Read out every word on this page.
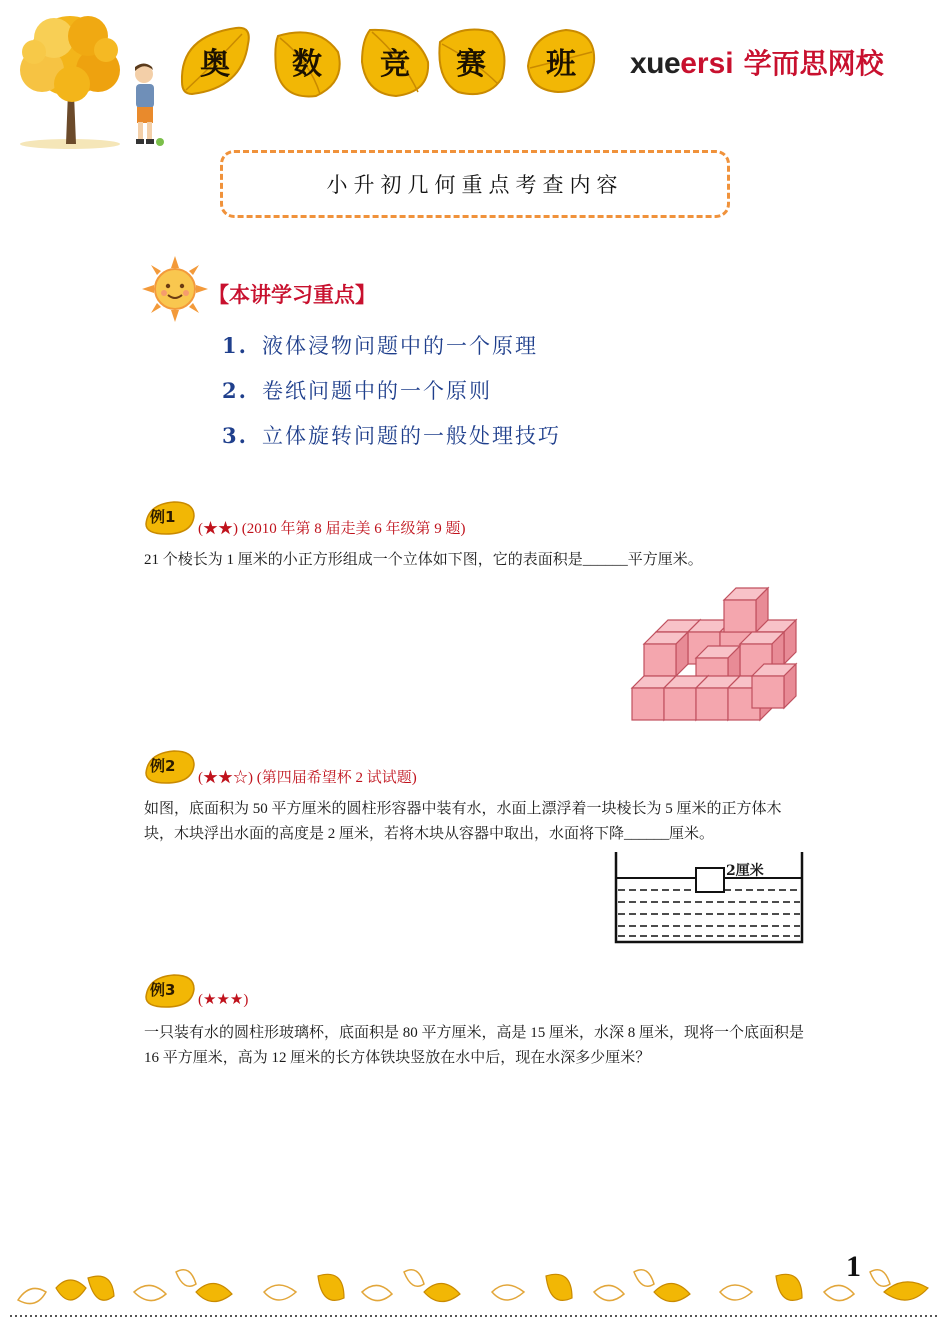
奥	数	竞	赛	班	xueersi 学而思网校
小升初几何重点考查内容
【本讲学习重点】
1. 液体浸物问题中的一个原理
2. 卷纸问题中的一个原则
3. 立体旋转问题的一般处理技巧
例1
(★★) (2010 年第 8 届走美 6 年级第 9 题)
21 个棱长为 1 厘米的小正方形组成一个立体如下图，它的表面积是______平方厘米。
例2
(★★☆) (第四届希望杯 2 试试题)
如图，底面积为 50 平方厘米的圆柱形容器中装有水，水面上漂浮着一块棱长为 5 厘米的正方体木块，木块浮出水面的高度是 2 厘米，若将木块从容器中取出，水面将下降______厘米。
2厘米
例3
(★★★)
一只装有水的圆柱形玻璃杯，底面积是 80 平方厘米，高是 15 厘米，水深 8 厘米，现将一个底面积是 16 平方厘米，高为 12 厘米的长方体铁块竖放在水中后，现在水深多少厘米？
1
